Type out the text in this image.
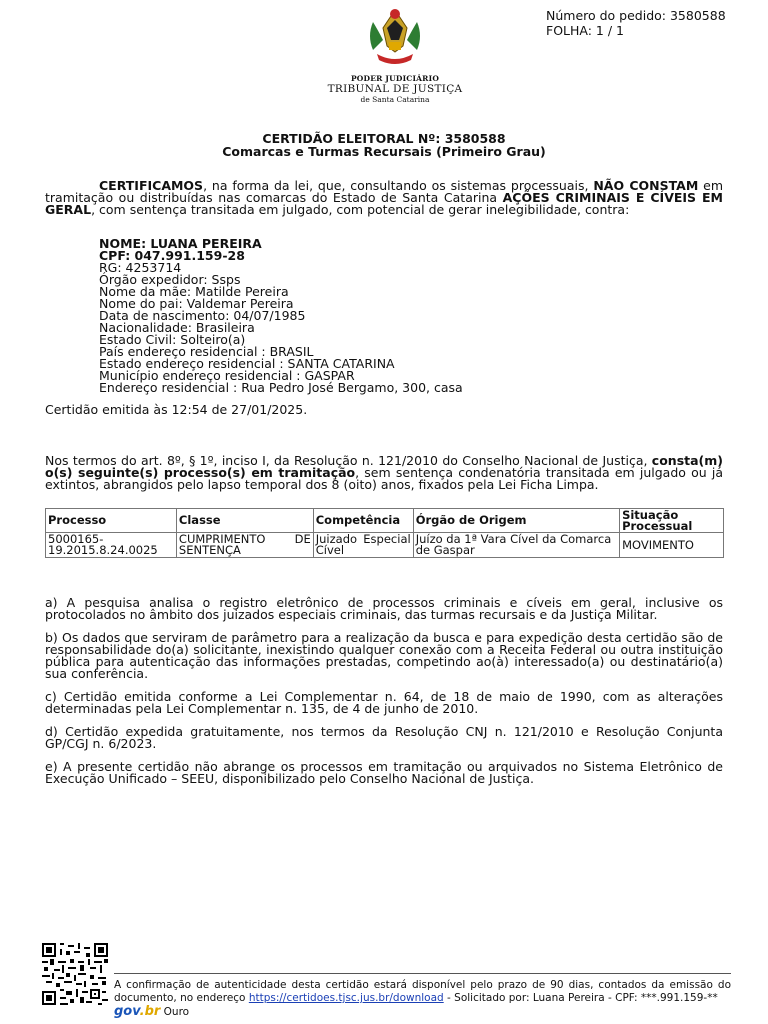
Número do pedido: 3580588
FOLHA: 1 / 1
PODER JUDICIÁRIO
TRIBUNAL DE JUSTIÇA
de Santa Catarina
CERTIDÃO ELEITORAL Nº: 3580588
Comarcas e Turmas Recursais (Primeiro Grau)
CERTIFICAMOS, na forma da lei, que, consultando os sistemas processuais, NÃO CONSTAM em tramitação ou distribuídas nas comarcas do Estado de Santa Catarina AÇÕES CRIMINAIS E CÍVEIS EM GERAL, com sentença transitada em julgado, com potencial de gerar inelegibilidade, contra:
NOME: LUANA PEREIRA
CPF: 047.991.159-28
RG: 4253714
Órgão expedidor: Ssps
Nome da mãe: Matilde Pereira
Nome do pai: Valdemar Pereira
Data de nascimento: 04/07/1985
Nacionalidade: Brasileira
Estado Civil: Solteiro(a)
País endereço residencial : BRASIL
Estado endereço residencial : SANTA CATARINA
Município endereço residencial : GASPAR
Endereço residencial : Rua Pedro José Bergamo, 300, casa
Certidão emitida às 12:54 de 27/01/2025.
Nos termos do art. 8º, § 1º, inciso I, da Resolução n. 121/2010 do Conselho Nacional de Justiça, consta(m) o(s) seguinte(s) processo(s) em tramitação, sem sentença condenatória transitada em julgado ou já extintos, abrangidos pelo lapso temporal dos 8 (oito) anos, fixados pela Lei Ficha Limpa.
Processo	Classe	Competência	Órgão de Origem	Situação Processual
5000165-19.2015.8.24.0025	CUMPRIMENTO DE SENTENÇA	Juizado Especial Cível	Juízo da 1ª Vara Cível da Comarca de Gaspar	MOVIMENTO

a) A pesquisa analisa o registro eletrônico de processos criminais e cíveis em geral, inclusive os protocolados no âmbito dos juizados especiais criminais, das turmas recursais e da Justiça Militar.

b) Os dados que serviram de parâmetro para a realização da busca e para expedição desta certidão são de responsabilidade do(a) solicitante, inexistindo qualquer conexão com a Receita Federal ou outra instituição pública para autenticação das informações prestadas, competindo ao(à) interessado(a) ou destinatário(a) sua conferência.

c) Certidão emitida conforme a Lei Complementar n. 64, de 18 de maio de 1990, com as alterações determinadas pela Lei Complementar n. 135, de 4 de junho de 2010.

d) Certidão expedida gratuitamente, nos termos da Resolução CNJ n. 121/2010 e Resolução Conjunta GP/CGJ n. 6/2023.

e) A presente certidão não abrange os processos em tramitação ou arquivados no Sistema Eletrônico de Execução Unificado – SEEU, disponibilizado pelo Conselho Nacional de Justiça.

A confirmação de autenticidade desta certidão estará disponível pelo prazo de 90 dias, contados da emissão do documento, no endereço https://certidoes.tjsc.jus.br/download - Solicitado por: Luana Pereira - CPF: ***.991.159-**
gov.br Ouro
